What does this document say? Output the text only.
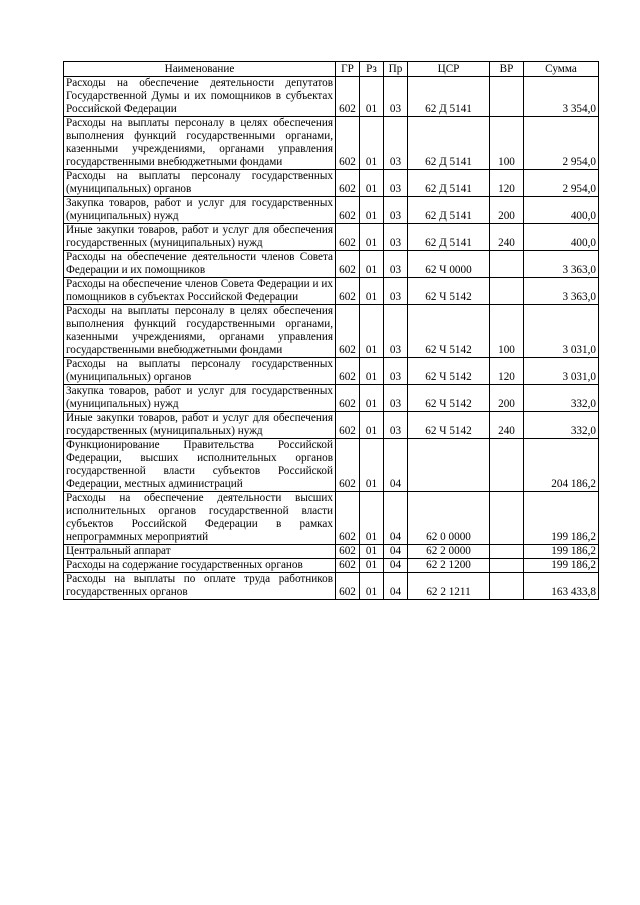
Наименование	ГР	Рз	Пр	ЦСР	ВР	Сумма
Расходы на обеспечение деятельности депутатов Государственной Думы и их помощников в субъектах Российской Федерации	602	01	03	62 Д 5141		3 354,0
Расходы на выплаты персоналу в целях обеспечения выполнения функций государственными органами, казенными учреждениями, органами управления государственными внебюджетными фондами	602	01	03	62 Д 5141	100	2 954,0
Расходы на выплаты персоналу государственных (муниципальных) органов	602	01	03	62 Д 5141	120	2 954,0
Закупка товаров, работ и услуг для государственных (муниципальных) нужд	602	01	03	62 Д 5141	200	400,0
Иные закупки товаров, работ и услуг для обеспечения государственных (муниципальных) нужд	602	01	03	62 Д 5141	240	400,0
Расходы на обеспечение деятельности членов Совета Федерации и их помощников	602	01	03	62 Ч 0000		3 363,0
Расходы на обеспечение членов Совета Федерации и их помощников в субъектах Российской Федерации	602	01	03	62 Ч 5142		3 363,0
Расходы на выплаты персоналу в целях обеспечения выполнения функций государственными органами, казенными учреждениями, органами управления государственными внебюджетными фондами	602	01	03	62 Ч 5142	100	3 031,0
Расходы на выплаты персоналу государственных (муниципальных) органов	602	01	03	62 Ч 5142	120	3 031,0
Закупка товаров, работ и услуг для государственных (муниципальных) нужд	602	01	03	62 Ч 5142	200	332,0
Иные закупки товаров, работ и услуг для обеспечения государственных (муниципальных) нужд	602	01	03	62 Ч 5142	240	332,0
Функционирование Правительства Российской Федерации, высших исполнительных органов государственной власти субъектов Российской Федерации, местных администраций	602	01	04			204 186,2
Расходы на обеспечение деятельности высших исполнительных органов государственной власти субъектов Российской Федерации в рамках непрограммных мероприятий	602	01	04	62 0 0000		199 186,2
Центральный аппарат	602	01	04	62 2 0000		199 186,2
Расходы на содержание государственных органов	602	01	04	62 2 1200		199 186,2
Расходы на выплаты по оплате труда работников государственных органов	602	01	04	62 2 1211		163 433,8
